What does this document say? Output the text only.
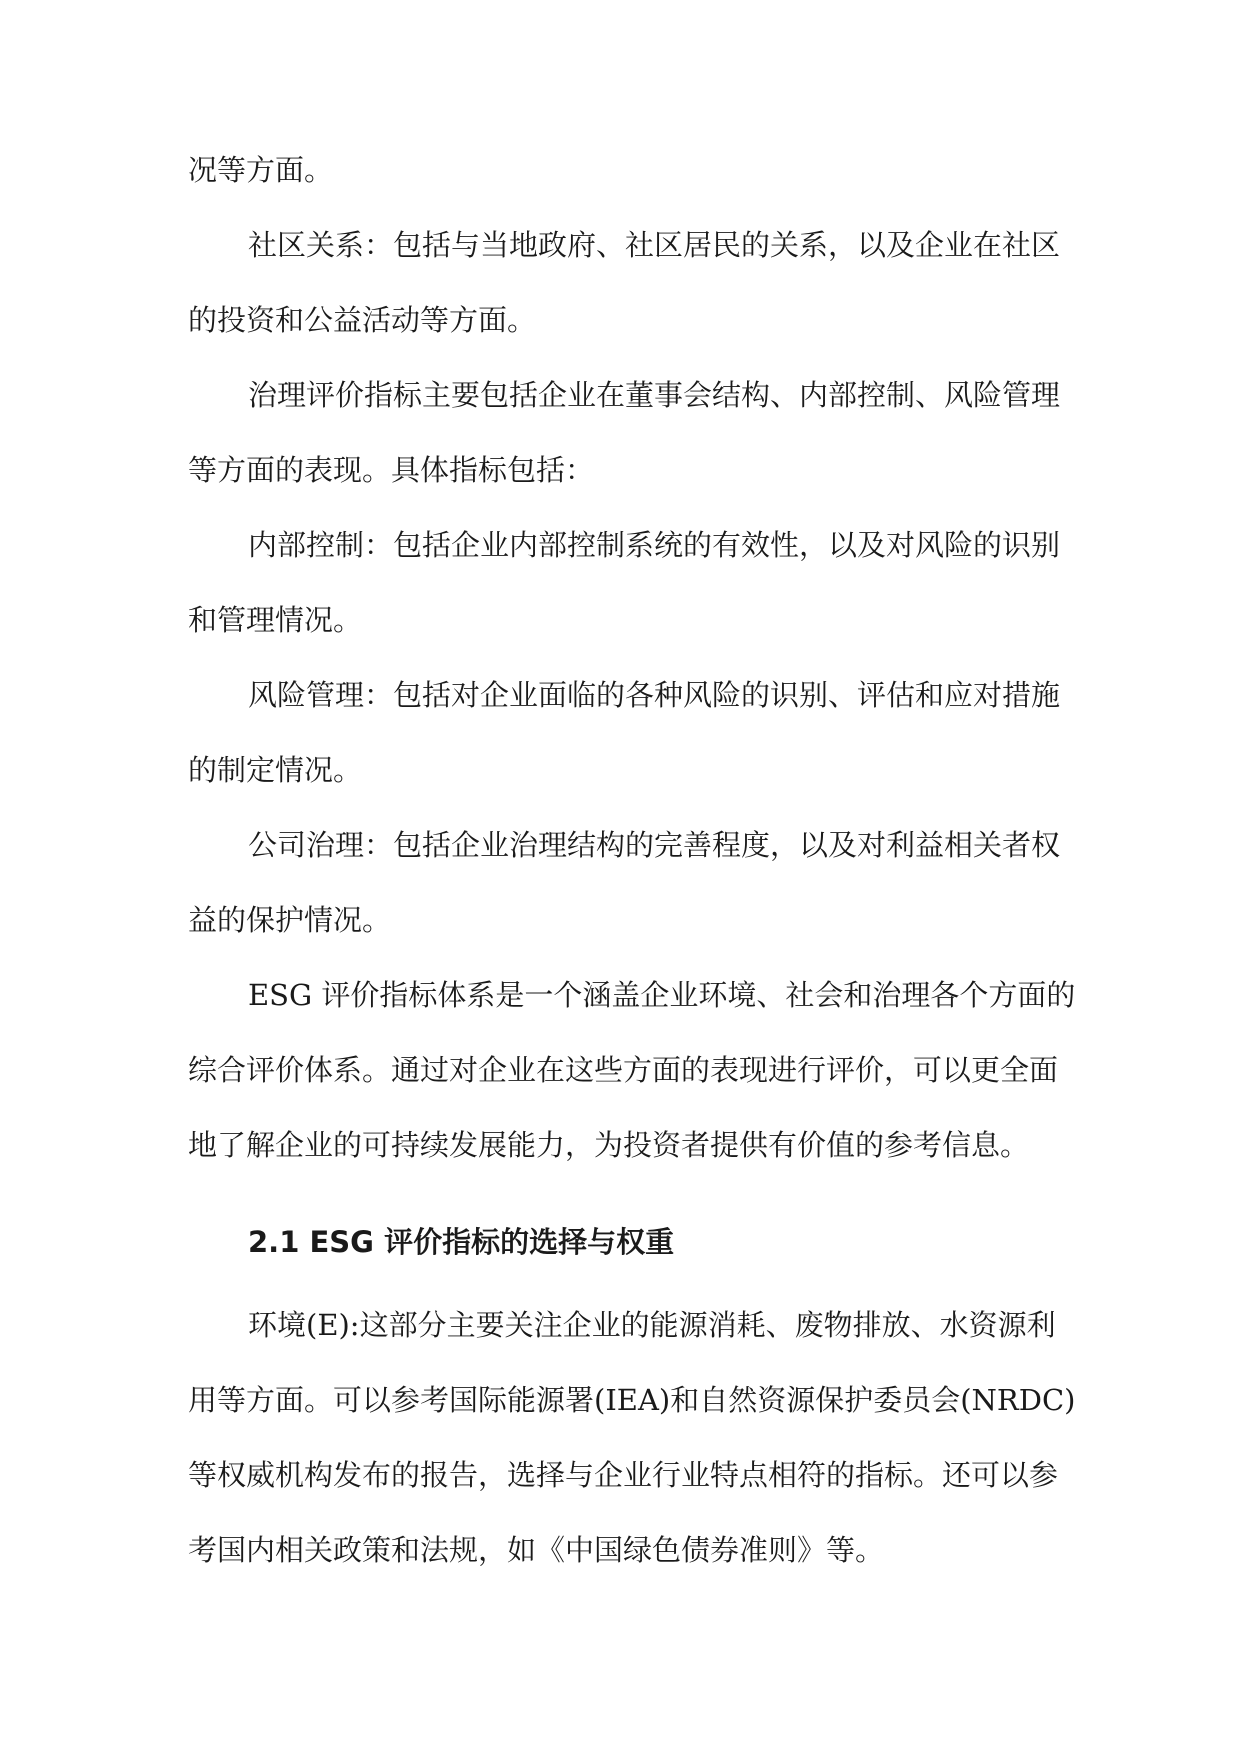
况等方面。
社区关系：包括与当地政府、社区居民的关系，以及企业在社区
的投资和公益活动等方面。
治理评价指标主要包括企业在董事会结构、内部控制、风险管理
等方面的表现。具体指标包括：
内部控制：包括企业内部控制系统的有效性，以及对风险的识别
和管理情况。
风险管理：包括对企业面临的各种风险的识别、评估和应对措施
的制定情况。
公司治理：包括企业治理结构的完善程度，以及对利益相关者权
益的保护情况。
ESG 评价指标体系是一个涵盖企业环境、社会和治理各个方面的
综合评价体系。通过对企业在这些方面的表现进行评价，可以更全面
地了解企业的可持续发展能力，为投资者提供有价值的参考信息。
2.1 ESG 评价指标的选择与权重
环境(E):这部分主要关注企业的能源消耗、废物排放、水资源利
用等方面。可以参考国际能源署(IEA)和自然资源保护委员会(NRDC)
等权威机构发布的报告，选择与企业行业特点相符的指标。还可以参
考国内相关政策和法规，如《中国绿色债券准则》等。
